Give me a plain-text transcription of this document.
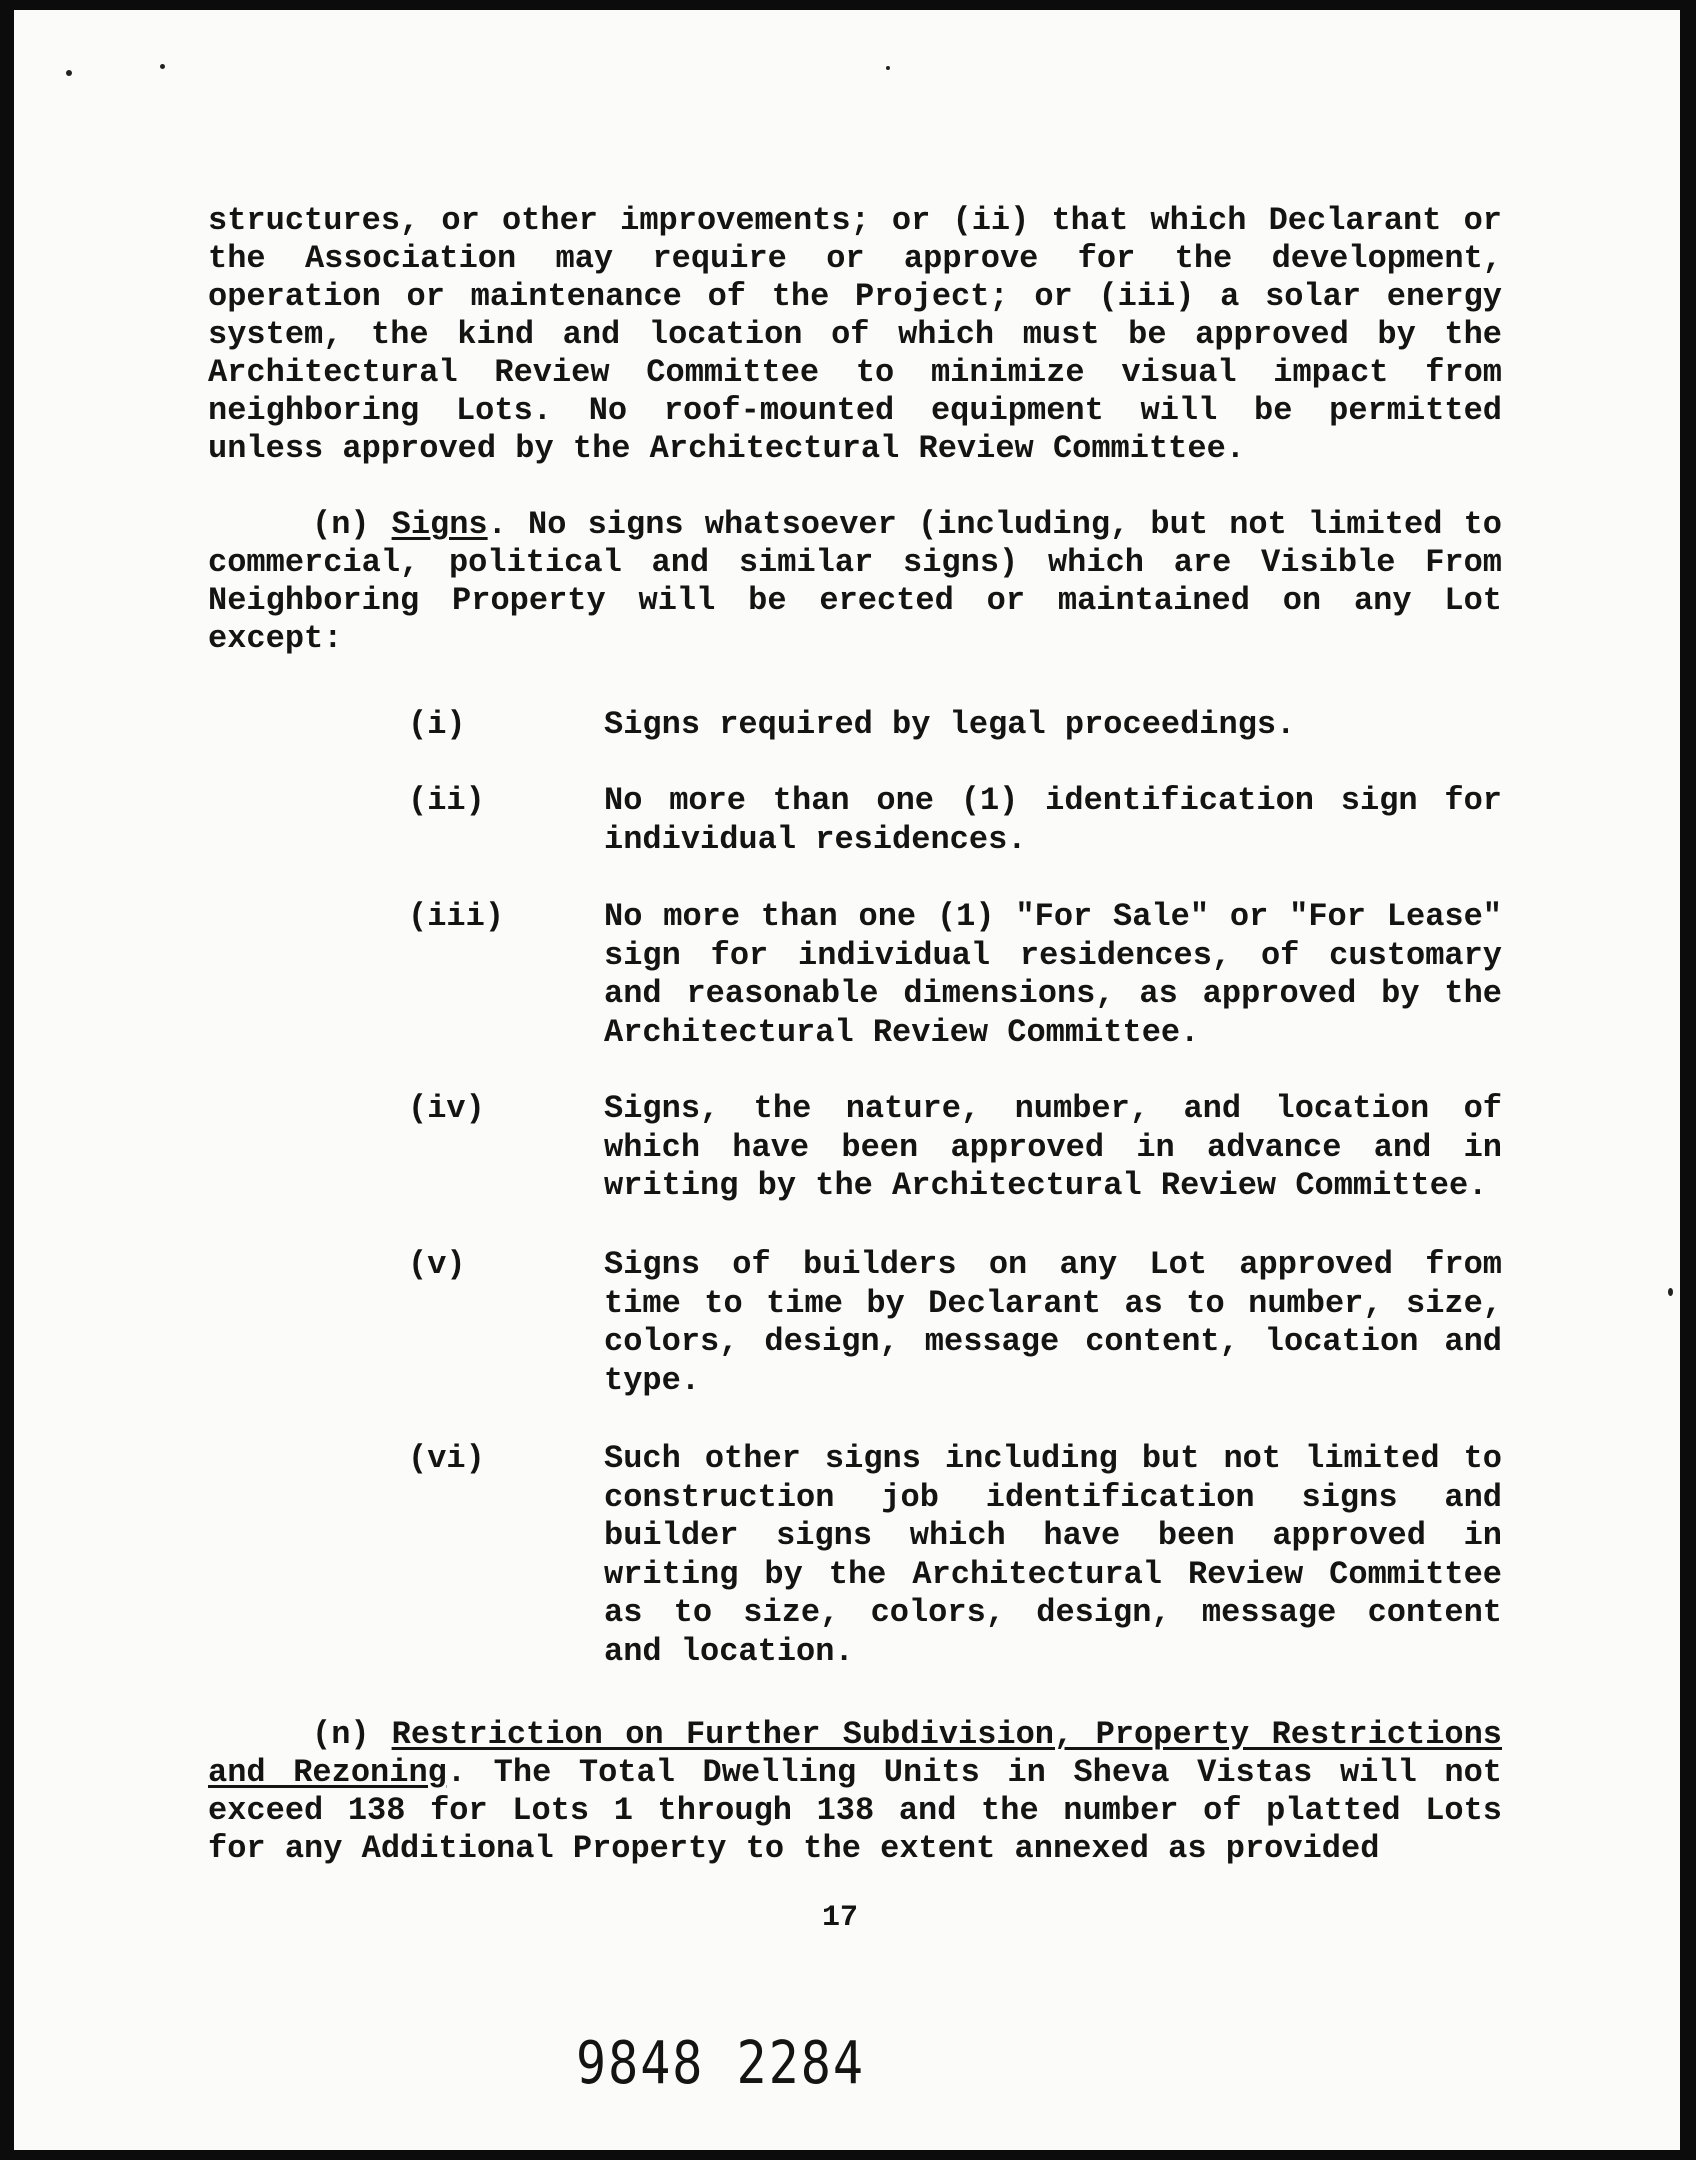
structures, or other improvements; or (ii) that which Declarant or the Association may require or approve for the development, operation or maintenance of the Project; or (iii) a solar energy system, the kind and location of which must be approved by the Architectural Review Committee to minimize visual impact from neighboring Lots. No roof-mounted equipment will be permitted unless approved by the Architectural Review Committee.

(n) Signs. No signs whatsoever (including, but not limited to commercial, political and similar signs) which are Visible From Neighboring Property will be erected or maintained on any Lot except:

(i)	Signs required by legal proceedings.
(ii)	No more than one (1) identification sign for individual residences.
(iii)	No more than one (1) "For Sale" or "For Lease" sign for individual residences, of customary and reasonable dimensions, as approved by the Architectural Review Committee.
(iv)	Signs, the nature, number, and location of which have been approved in advance and in writing by the Architectural Review Committee.
(v)	Signs of builders on any Lot approved from time to time by Declarant as to number, size, colors, design, message content, location and type.
(vi)	Such other signs including but not limited to construction job identification signs and builder signs which have been approved in writing by the Architectural Review Committee as to size, colors, design, message content and location.

(n) Restriction on Further Subdivision, Property Restrictions and Rezoning. The Total Dwelling Units in Sheva Vistas will not exceed 138 for Lots 1 through 138 and the number of platted Lots for any Additional Property to the extent annexed as provided

17
9848 2284
